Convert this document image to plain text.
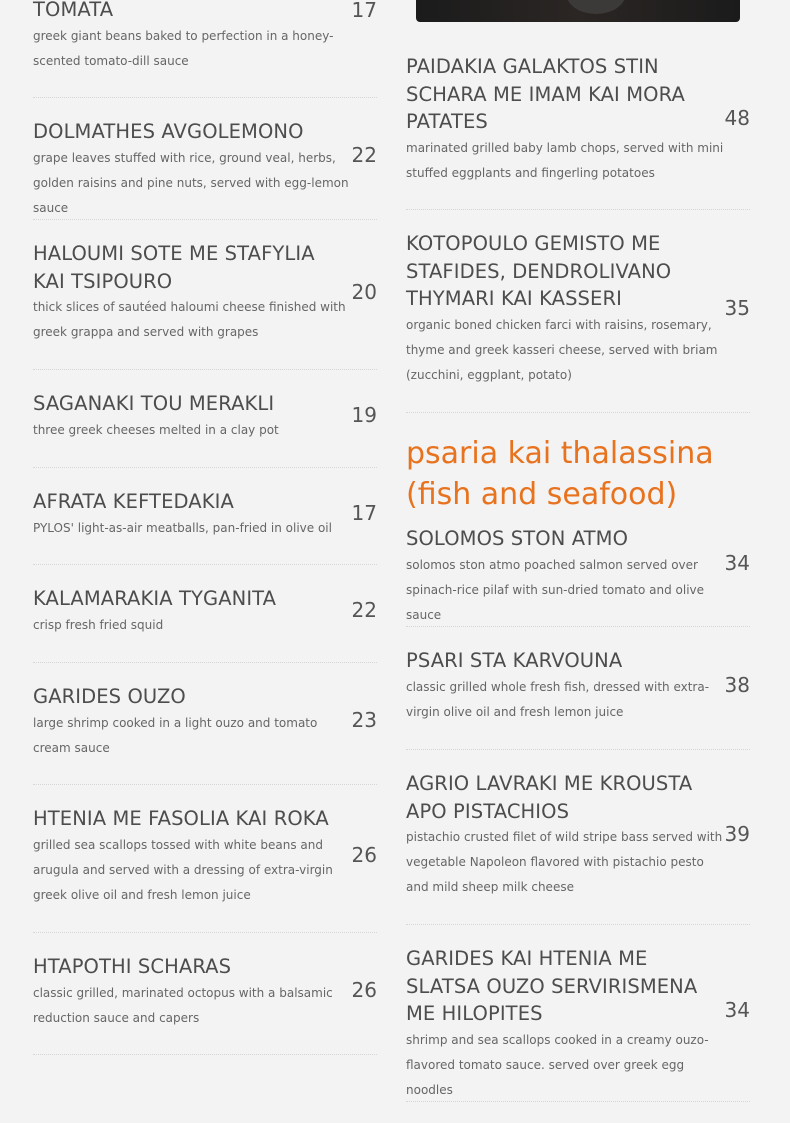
TOMATA
greek giant beans baked to perfection in a honey-scented tomato-dill sauce
17
DOLMATHES AVGOLEMONO
grape leaves stuffed with rice, ground veal, herbs, golden raisins and pine nuts, served with egg-lemon sauce
22
HALOUMI SOTE ME STAFYLIA KAI TSIPOURO
thick slices of sautéed haloumi cheese finished with greek grappa and served with grapes
20
SAGANAKI TOU MERAKLI
three greek cheeses melted in a clay pot
19
AFRATA KEFTEDAKIA
PYLOS' light-as-air meatballs, pan-fried in olive oil
17
KALAMARAKIA TYGANITA
crisp fresh fried squid
22
GARIDES OUZO
large shrimp cooked in a light ouzo and tomato cream sauce
23
HTENIA ME FASOLIA KAI ROKA
grilled sea scallops tossed with white beans and arugula and served with a dressing of extra-virgin greek olive oil and fresh lemon juice
26
HTAPOTHI SCHARAS
classic grilled, marinated octopus with a balsamic reduction sauce and capers
26
PAIDAKIA GALAKTOS STIN SCHARA ME IMAM KAI MORA PATATES
marinated grilled baby lamb chops, served with mini stuffed eggplants and fingerling potatoes
48
KOTOPOULO GEMISTO ME STAFIDES, DENDROLIVANO THYMARI KAI KASSERI
organic boned chicken farci with raisins, rosemary, thyme and greek kasseri cheese, served with briam (zucchini, eggplant, potato)
35
psaria kai thalassina
(fish and seafood)
SOLOMOS STON ATMO
solomos ston atmo poached salmon served over spinach-rice pilaf with sun-dried tomato and olive sauce
34
PSARI STA KARVOUNA
classic grilled whole fresh fish, dressed with extra-virgin olive oil and fresh lemon juice
38
AGRIO LAVRAKI ME KROUSTA APO PISTACHIOS
pistachio crusted filet of wild stripe bass served with vegetable Napoleon flavored with pistachio pesto and mild sheep milk cheese
39
GARIDES KAI HTENIA ME SLATSA OUZO SERVIRISMENA ME HILOPITES
shrimp and sea scallops cooked in a creamy ouzo-flavored tomato sauce. served over greek egg noodles
34
